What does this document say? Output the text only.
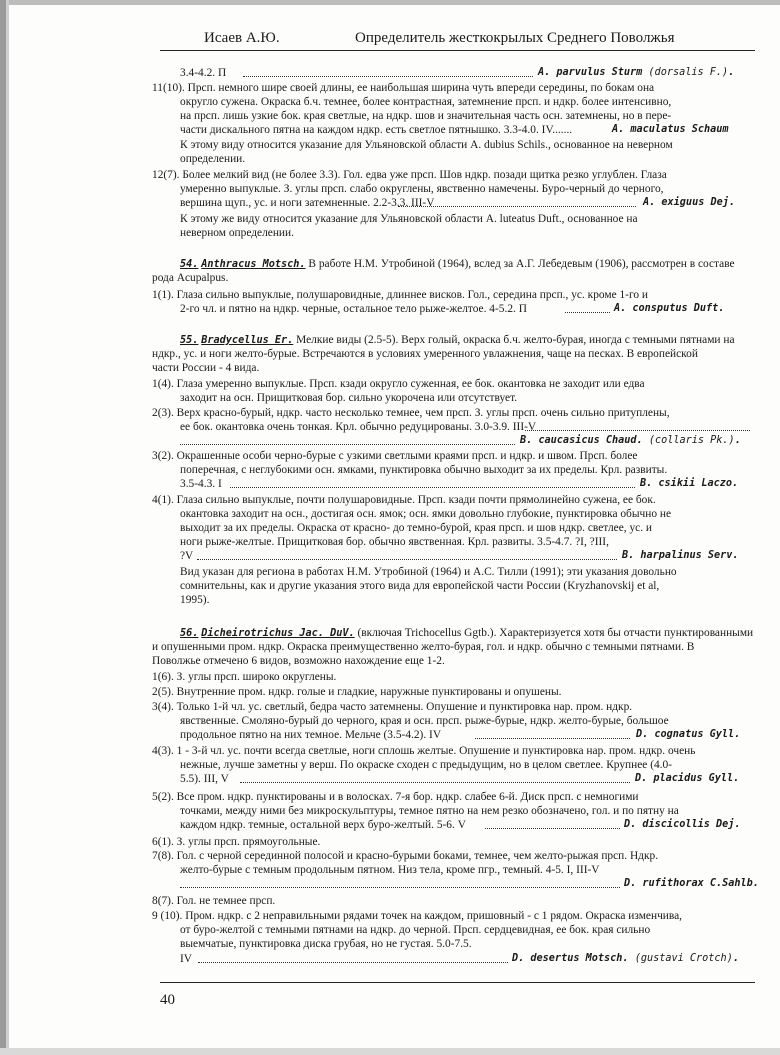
Исаев А.Ю.	Определитель жесткокрылых Среднего Поволжья
3.4-4.2. П	A. parvulus Sturm (dorsalis F.).
11(10). Прсп. немного шире своей длины, ее наибольшая ширина чуть впереди середины, по бокам она
округло сужена. Окраска б.ч. темнее, более контрастная, затемнение прсп. и ндкр. более интенсивно,
на прсп. лишь узкие бок. края светлые, на ндкр. шов и значительная часть осн. затемнены, но в пере-
части дискального пятна на каждом ндкр. есть светлое пятнышко. 3.3-4.0. IV.......	A. maculatus Schaum
К этому виду относится указание для Ульяновской области A. dubius Schils., основанное на неверном
определении.
12(7). Более мелкий вид (не более 3.3). Гол. едва уже прсп. Шов ндкр. позади щитка резко углублен. Глаза
умеренно выпуклые. З. углы прсп. слабо округлены, явственно намечены. Буро-черный до черного,
вершина щуп., ус. и ноги затемненные. 2.2-3.3. III-V	A. exiguus Dej.
К этому же виду относится указание для Ульяновской области A. luteatus Duft., основанное на
неверном определении.
54. Anthracus Motsch. В работе Н.М. Утробиной (1964), вслед за А.Г. Лебедевым (1906), рассмотрен в составе
рода Acupalpus.
1(1). Глаза сильно выпуклые, полушаровидные, длиннее висков. Гол., середина прсп., ус. кроме 1-го и
2-го чл. и пятно на ндкр. черные, остальное тело рыже-желтое. 4-5.2. П	A. consputus Duft.
55. Bradycellus Er. Мелкие виды (2.5-5). Верх голый, окраска б.ч. желто-бурая, иногда с темными пятнами на
ндкр., ус. и ноги желто-бурые. Встречаются в условиях умеренного увлажнения, чаще на песках. В европейской
части России - 4 вида.
1(4). Глаза умеренно выпуклые. Прсп. кзади округло суженная, ее бок. окантовка не заходит или едва
заходит на осн. Прищитковая бор. сильно укорочена или отсутствует.
2(3). Верх красно-бурый, ндкр. часто несколько темнее, чем прсп. З. углы прсп. очень сильно притуплены,
ее бок. окантовка очень тонкая. Крл. обычно редуцированы. 3.0-3.9. III-V
B. caucasicus Chaud. (collaris Pk.).
3(2). Окрашенные особи черно-бурые с узкими светлыми краями прсп. и ндкр. и швом. Прсп. более
поперечная, с неглубокими осн. ямками, пунктировка обычно выходит за их пределы. Крл. развиты.
3.5-4.3. I	B. csikii Laczo.
4(1). Глаза сильно выпуклые, почти полушаровидные. Прсп. кзади почти прямолинейно сужена, ее бок.
окантовка заходит на осн., достигая осн. ямок; осн. ямки довольно глубокие, пунктировка обычно не
выходит за их пределы. Окраска от красно- до темно-бурой, края прсп. и шов ндкр. светлее, ус. и
ноги рыже-желтые. Прищитковая бор. обычно явственная. Крл. развиты. 3.5-4.7. ?I, ?III,
?V	B. harpalinus Serv.
Вид указан для региона в работах Н.М. Утробиной (1964) и А.С. Тилли (1991); эти указания довольно
сомнительны, как и другие указания этого вида для европейской части России (Kryzhanovskij et al,
1995).
56. Dicheirotrichus Jac. DuV. (включая Trichocellus Ggtb.). Характеризуется хотя бы отчасти пунктированными
и опушенными пром. ндкр. Окраска преимущественно желто-бурая, гол. и ндкр. обычно с темными пятнами. В
Поволжье отмечено 6 видов, возможно нахождение еще 1-2.
1(6). З. углы прсп. широко округлены.
2(5). Внутренние пром. ндкр. голые и гладкие, наружные пунктированы и опушены.
3(4). Только 1-й чл. ус. светлый, бедра часто затемнены. Опушение и пунктировка нар. пром. ндкр.
явственные. Смоляно-бурый до черного, края и осн. прсп. рыже-бурые, ндкр. желто-бурые, большое
продольное пятно на них темное. Мельче (3.5-4.2). IV	D. cognatus Gyll.
4(3). 1 - 3-й чл. ус. почти всегда светлые, ноги сплошь желтые. Опушение и пунктировка нар. пром. ндкр. очень
нежные, лучше заметны у верш. По окраске сходен с предыдущим, но в целом светлее. Крупнее (4.0-
5.5). III, V	D. placidus Gyll.
5(2). Все пром. ндкр. пунктированы и в волосках. 7-я бор. ндкр. слабее 6-й. Диск прсп. с немногими
точками, между ними без микроскульптуры, темное пятно на нем резко обозначено, гол. и по пятну на
каждом ндкр. темные, остальной верх буро-желтый. 5-6. V	D. discicollis Dej.
6(1). З. углы прсп. прямоугольные.
7(8). Гол. с черной серединной полосой и красно-бурыми боками, темнее, чем желто-рыжая прсп. Ндкр.
желто-бурые с темным продольным пятном. Низ тела, кроме пгр., темный. 4-5. I, III-V
D. rufithorax C.Sahlb.
8(7). Гол. не темнее прсп.
9 (10). Пром. ндкр. с 2 неправильными рядами точек на каждом, пришовный - с 1 рядом. Окраска изменчива,
от буро-желтой с темными пятнами на ндкр. до черной. Прсп. сердцевидная, ее бок. края сильно
выемчатые, пунктировка диска грубая, но не густая. 5.0-7.5.
IV	D. desertus Motsch. (gustavi Crotch).
40
